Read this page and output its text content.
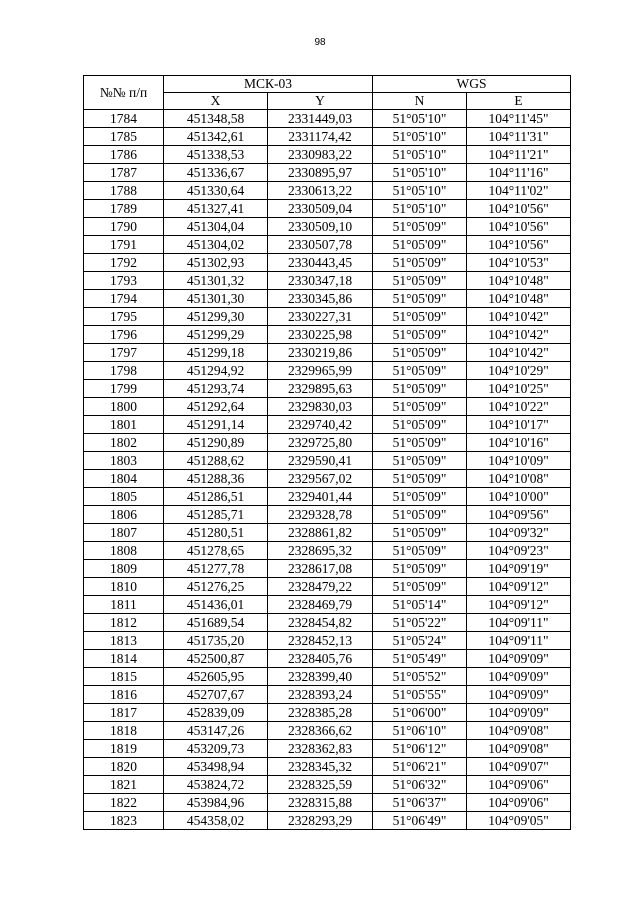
98
№№ п/п	МСК-03		WGS	
	X	Y	N	E
1784	451348,58	2331449,03	51°05'10"	104°11'45"
1785	451342,61	2331174,42	51°05'10"	104°11'31"
1786	451338,53	2330983,22	51°05'10"	104°11'21"
1787	451336,67	2330895,97	51°05'10"	104°11'16"
1788	451330,64	2330613,22	51°05'10"	104°11'02"
1789	451327,41	2330509,04	51°05'10"	104°10'56"
1790	451304,04	2330509,10	51°05'09"	104°10'56"
1791	451304,02	2330507,78	51°05'09"	104°10'56"
1792	451302,93	2330443,45	51°05'09"	104°10'53"
1793	451301,32	2330347,18	51°05'09"	104°10'48"
1794	451301,30	2330345,86	51°05'09"	104°10'48"
1795	451299,30	2330227,31	51°05'09"	104°10'42"
1796	451299,29	2330225,98	51°05'09"	104°10'42"
1797	451299,18	2330219,86	51°05'09"	104°10'42"
1798	451294,92	2329965,99	51°05'09"	104°10'29"
1799	451293,74	2329895,63	51°05'09"	104°10'25"
1800	451292,64	2329830,03	51°05'09"	104°10'22"
1801	451291,14	2329740,42	51°05'09"	104°10'17"
1802	451290,89	2329725,80	51°05'09"	104°10'16"
1803	451288,62	2329590,41	51°05'09"	104°10'09"
1804	451288,36	2329567,02	51°05'09"	104°10'08"
1805	451286,51	2329401,44	51°05'09"	104°10'00"
1806	451285,71	2329328,78	51°05'09"	104°09'56"
1807	451280,51	2328861,82	51°05'09"	104°09'32"
1808	451278,65	2328695,32	51°05'09"	104°09'23"
1809	451277,78	2328617,08	51°05'09"	104°09'19"
1810	451276,25	2328479,22	51°05'09"	104°09'12"
1811	451436,01	2328469,79	51°05'14"	104°09'12"
1812	451689,54	2328454,82	51°05'22"	104°09'11"
1813	451735,20	2328452,13	51°05'24"	104°09'11"
1814	452500,87	2328405,76	51°05'49"	104°09'09"
1815	452605,95	2328399,40	51°05'52"	104°09'09"
1816	452707,67	2328393,24	51°05'55"	104°09'09"
1817	452839,09	2328385,28	51°06'00"	104°09'09"
1818	453147,26	2328366,62	51°06'10"	104°09'08"
1819	453209,73	2328362,83	51°06'12"	104°09'08"
1820	453498,94	2328345,32	51°06'21"	104°09'07"
1821	453824,72	2328325,59	51°06'32"	104°09'06"
1822	453984,96	2328315,88	51°06'37"	104°09'06"
1823	454358,02	2328293,29	51°06'49"	104°09'05"
